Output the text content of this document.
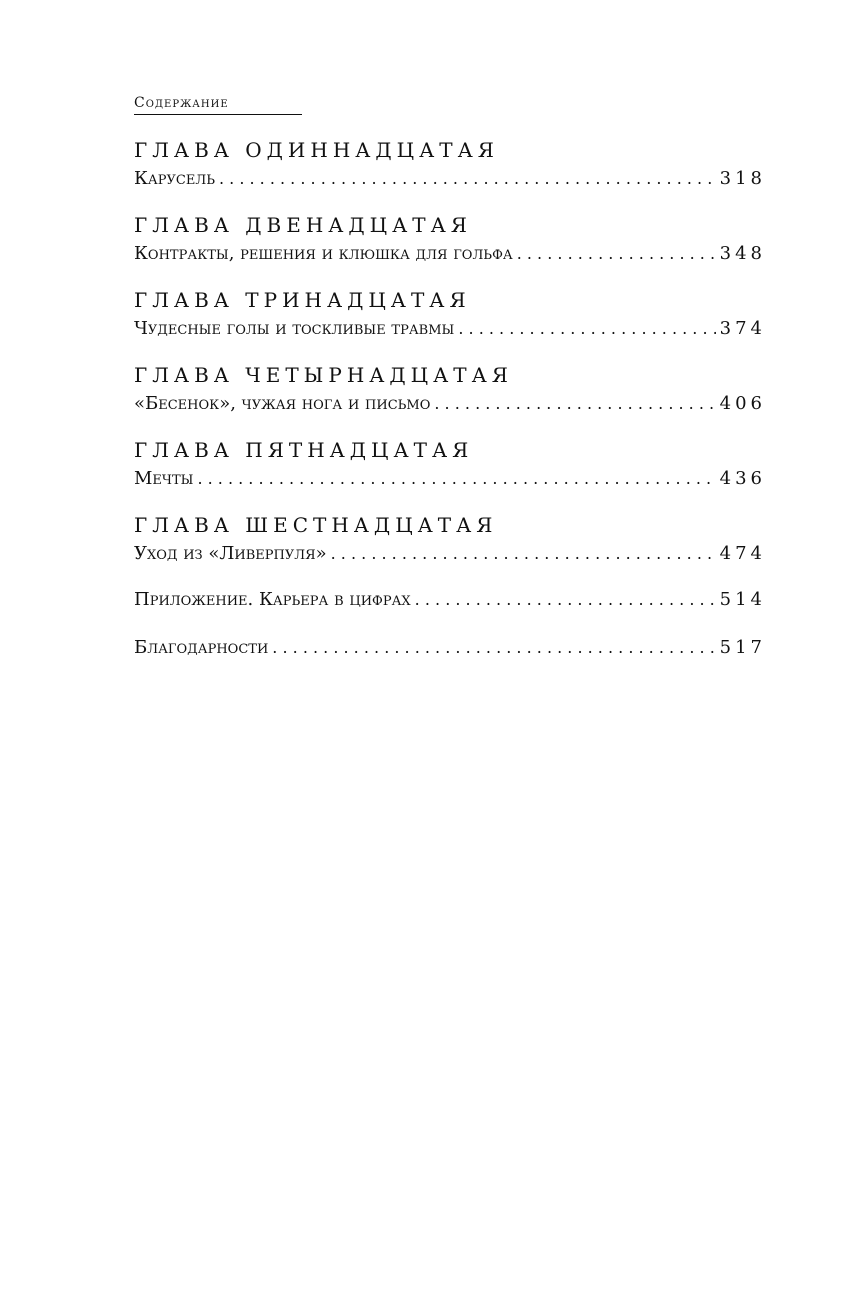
Содержание
ГЛАВА ОДИННАДЦАТАЯ
Карусель . . .	318
ГЛАВА ДВЕНАДЦАТАЯ
Контракты, решения и клюшка для гольфа . . .	348
ГЛАВА ТРИНАДЦАТАЯ
Чудесные голы и тоскливые травмы . . .	374
ГЛАВА ЧЕТЫРНАДЦАТАЯ
«Бесенок», чужая нога и письмо . . .	406
ГЛАВА ПЯТНАДЦАТАЯ
Мечты . . .	436
ГЛАВА ШЕСТНАДЦАТАЯ
Уход из «Ливерпуля» . . .	474
Приложение. Карьера в цифрах . . .	514
Благодарности . . .	517
